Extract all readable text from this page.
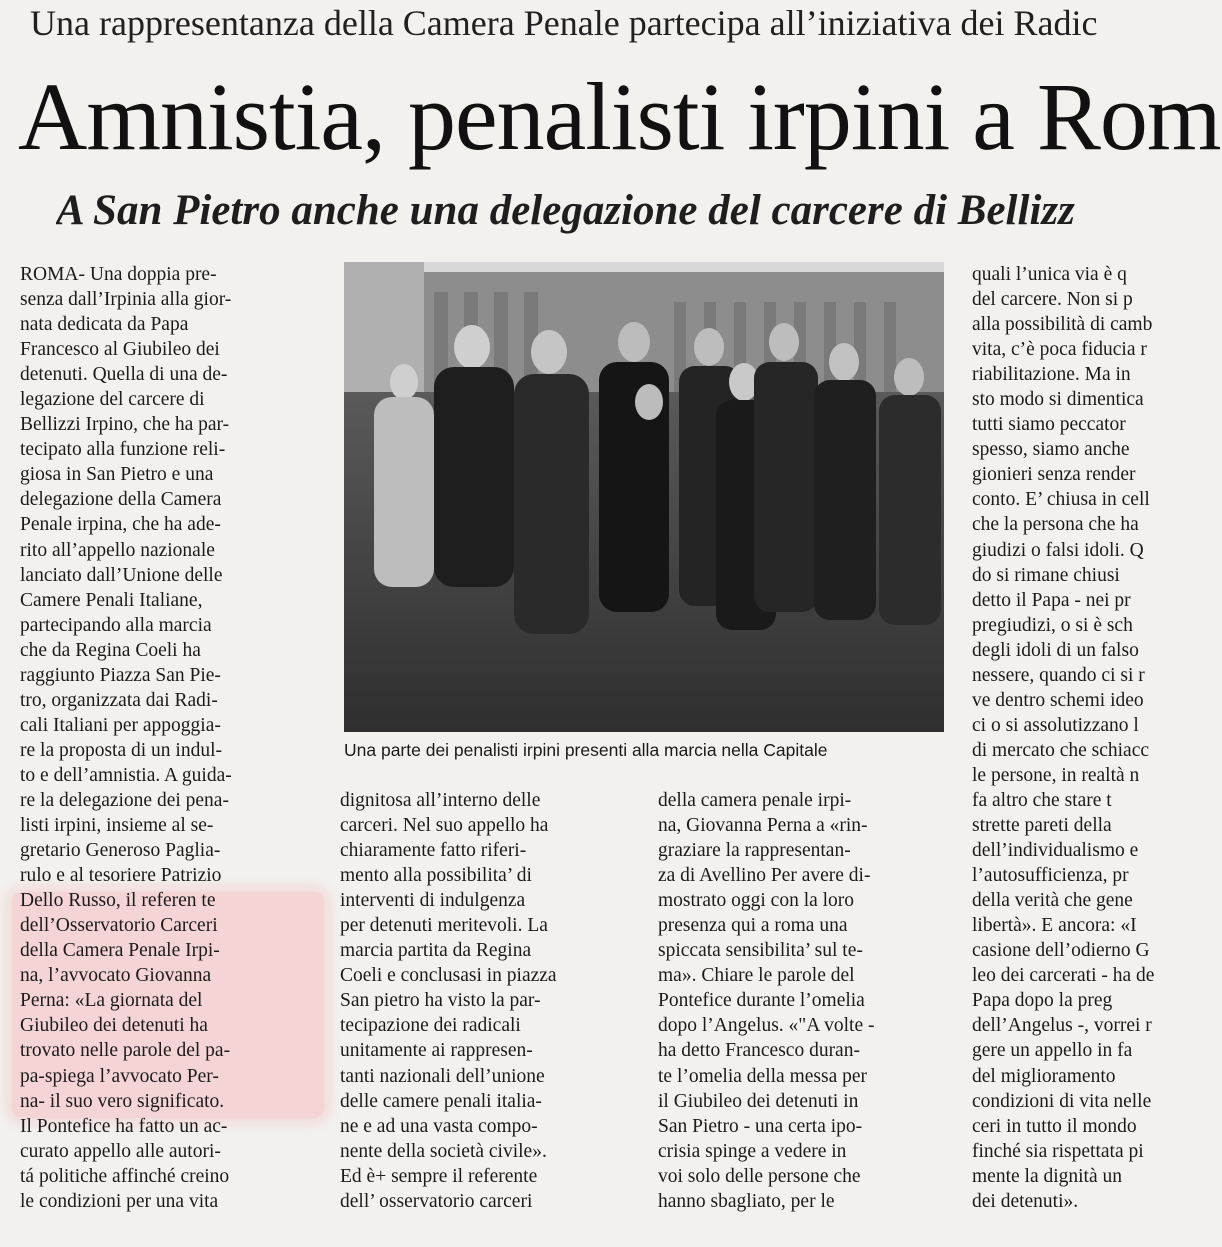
Una rappresentanza della Camera Penale partecipa all’iniziativa dei Radic
Amnistia, penalisti irpini a Rom
A San Pietro anche una delegazione del carcere di Bellizz
ROMA- Una doppia pre-
senza dall’Irpinia alla gior-
nata dedicata da Papa
Francesco al Giubileo dei
detenuti. Quella di una de-
legazione del carcere di
Bellizzi Irpino, che ha par-
tecipato alla funzione reli-
giosa in San Pietro e una
delegazione della Camera
Penale irpina, che ha ade-
rito all’appello nazionale
lanciato dall’Unione delle
Camere Penali Italiane,
partecipando alla marcia
che da Regina Coeli ha
raggiunto Piazza San Pie-
tro, organizzata dai Radi-
cali Italiani per appoggia-
re la proposta di un indul-
to e dell’amnistia. A guida-
re la delegazione dei pena-
listi irpini, insieme al se-
gretario Generoso Paglia-
rulo e al tesoriere Patrizio
Dello Russo, il referen te
dell’Osservatorio Carceri
della Camera Penale Irpi-
na, l’avvocato Giovanna
Perna: «La giornata del
Giubileo dei detenuti ha
trovato nelle parole del pa-
pa-spiega l’avvocato Per-
na- il suo vero significato.
Il Pontefice ha fatto un ac-
curato appello alle autori-
tá politiche affinché creino
le condizioni per una vita
Una parte dei penalisti irpini presenti alla marcia nella Capitale
dignitosa all’interno delle
carceri. Nel suo appello ha
chiaramente fatto riferi-
mento alla possibilita’ di
interventi di indulgenza
per detenuti meritevoli. La
marcia partita da Regina
Coeli e conclusasi in piazza
San pietro ha visto la par-
tecipazione dei radicali
unitamente ai rappresen-
tanti nazionali dell’unione
delle camere penali italia-
ne e ad una vasta compo-
nente della società civile».
Ed è+ sempre il referente
dell’ osservatorio carceri
della camera penale irpi-
na, Giovanna Perna a «rin-
graziare la rappresentan-
za di Avellino Per avere di-
mostrato oggi con la loro
presenza qui a roma una
spiccata sensibilita’ sul te-
ma». Chiare le parole del
Pontefice durante l’omelia
dopo l’Angelus. «"A volte -
ha detto Francesco duran-
te l’omelia della messa per
il Giubileo dei detenuti in
San Pietro - una certa ipo-
crisia spinge a vedere in
voi solo delle persone che
hanno sbagliato, per le
quali l’unica via è q
del carcere. Non si p
alla possibilità di camb
vita, c’è poca fiducia r
riabilitazione. Ma in
sto modo si dimentica
tutti siamo peccator
spesso, siamo anche
gionieri senza render
conto. E’ chiusa in cell
che la persona che ha
giudizi o falsi idoli. Q
do si rimane chiusi
detto il Papa - nei pr
pregiudizi, o si è sch
degli idoli di un falso
nessere, quando ci si r
ve dentro schemi ideo
ci o si assolutizzano l
di mercato che schiacc
le persone, in realtà n
fa altro che stare t
strette pareti della
dell’individualismo e
l’autosufficienza, pr
della verità che gene
libertà». E ancora: «I
casione dell’odierno G
leo dei carcerati - ha de
Papa dopo la preg
dell’Angelus -, vorrei r
gere un appello in fa
del miglioramento
condizioni di vita nelle
ceri in tutto il mondo
finché sia rispettata pi
mente la dignità un
dei detenuti».
